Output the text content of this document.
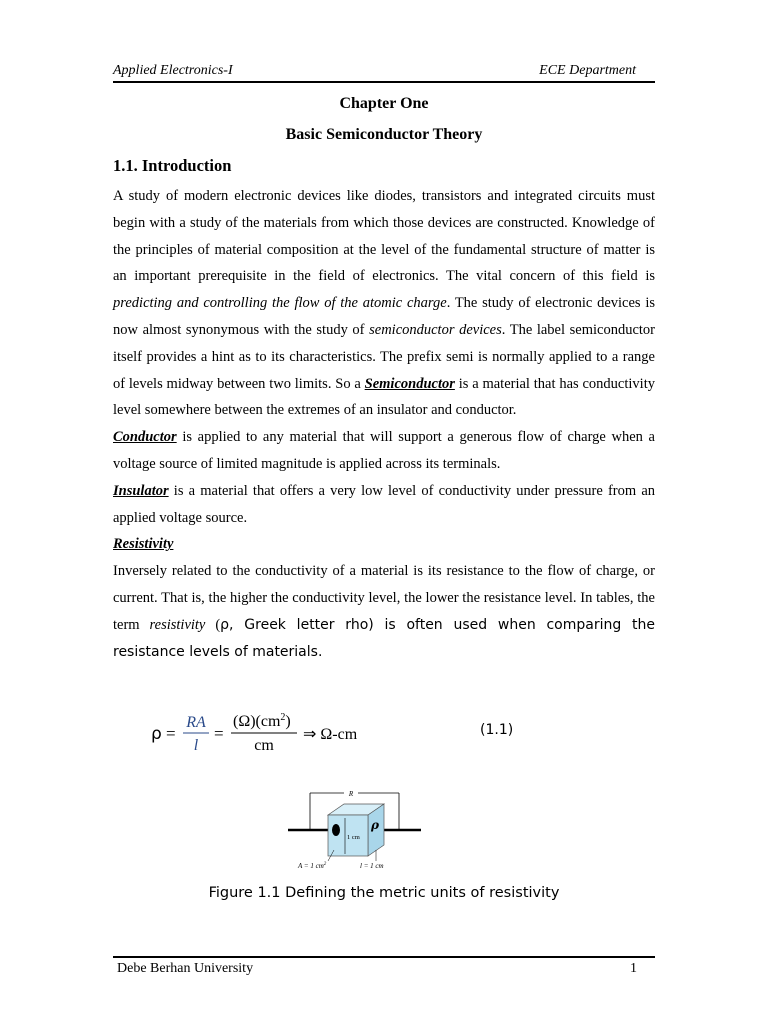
Applied Electronics-I	ECE Department
Chapter One
Basic Semiconductor Theory
1.1. Introduction

A study of modern electronic devices like diodes, transistors and integrated circuits must begin with a study of the materials from which those devices are constructed. Knowledge of the principles of material composition at the level of the fundamental structure of matter is an important prerequisite in the field of electronics. The vital concern of this field is predicting and controlling the flow of the atomic charge. The study of electronic devices is now almost synonymous with the study of semiconductor devices. The label semiconductor itself provides a hint as to its characteristics. The prefix semi is normally applied to a range of levels midway between two limits. So a Semiconductor is a material that has conductivity level somewhere between the extremes of an insulator and conductor.

Conductor is applied to any material that will support a generous flow of charge when a voltage source of limited magnitude is applied across its terminals.

Insulator is a material that offers a very low level of conductivity under pressure from an applied voltage source.

Resistivity

Inversely related to the conductivity of a material is its resistance to the flow of charge, or current. That is, the higher the conductivity level, the lower the resistance level. In tables, the term resistivity (ρ, Greek letter rho) is often used when comparing the resistance levels of materials.

ρ =
RA
l
=
$(\Omega)(cm^2)$
cm
⇒ Ω-cm	(1.1)
R
ρ
1 cm
A = 1 $cm^2$	l = 1 cm
Figure 1.1 Defining the metric units of resistivity
Debe Berhan University	1
